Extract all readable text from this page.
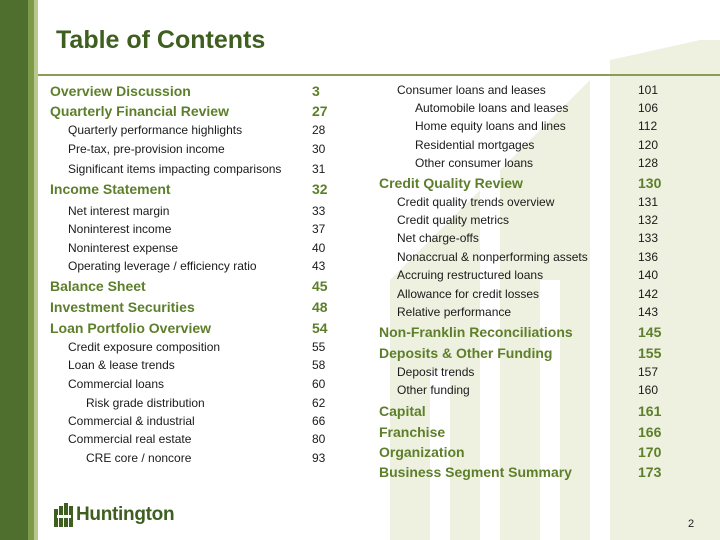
Table of Contents
Overview Discussion	3
Quarterly Financial Review	27
Quarterly performance highlights	28
Pre-tax, pre-provision income	30
Significant items impacting comparisons	31
Income Statement	32
Net interest margin	33
Noninterest income	37
Noninterest expense	40
Operating leverage / efficiency ratio	43
Balance Sheet	45
Investment Securities	48
Loan Portfolio Overview	54
Credit exposure composition	55
Loan & lease trends	58
Commercial loans	60
Risk grade distribution	62
Commercial & industrial	66
Commercial real estate	80
CRE core / noncore	93
Consumer loans and leases	101
Automobile loans and leases	106
Home equity loans and lines	112
Residential mortgages	120
Other consumer loans	128
Credit Quality Review	130
Credit quality trends overview	131
Credit quality metrics	132
Net charge-offs	133
Nonaccrual & nonperforming assets	136
Accruing restructured loans	140
Allowance for credit losses	142
Relative performance	143
Non-Franklin Reconciliations	145
Deposits & Other Funding	155
Deposit trends	157
Other funding	160
Capital	161
Franchise	166
Organization	170
Business Segment Summary	173
Huntington	2
